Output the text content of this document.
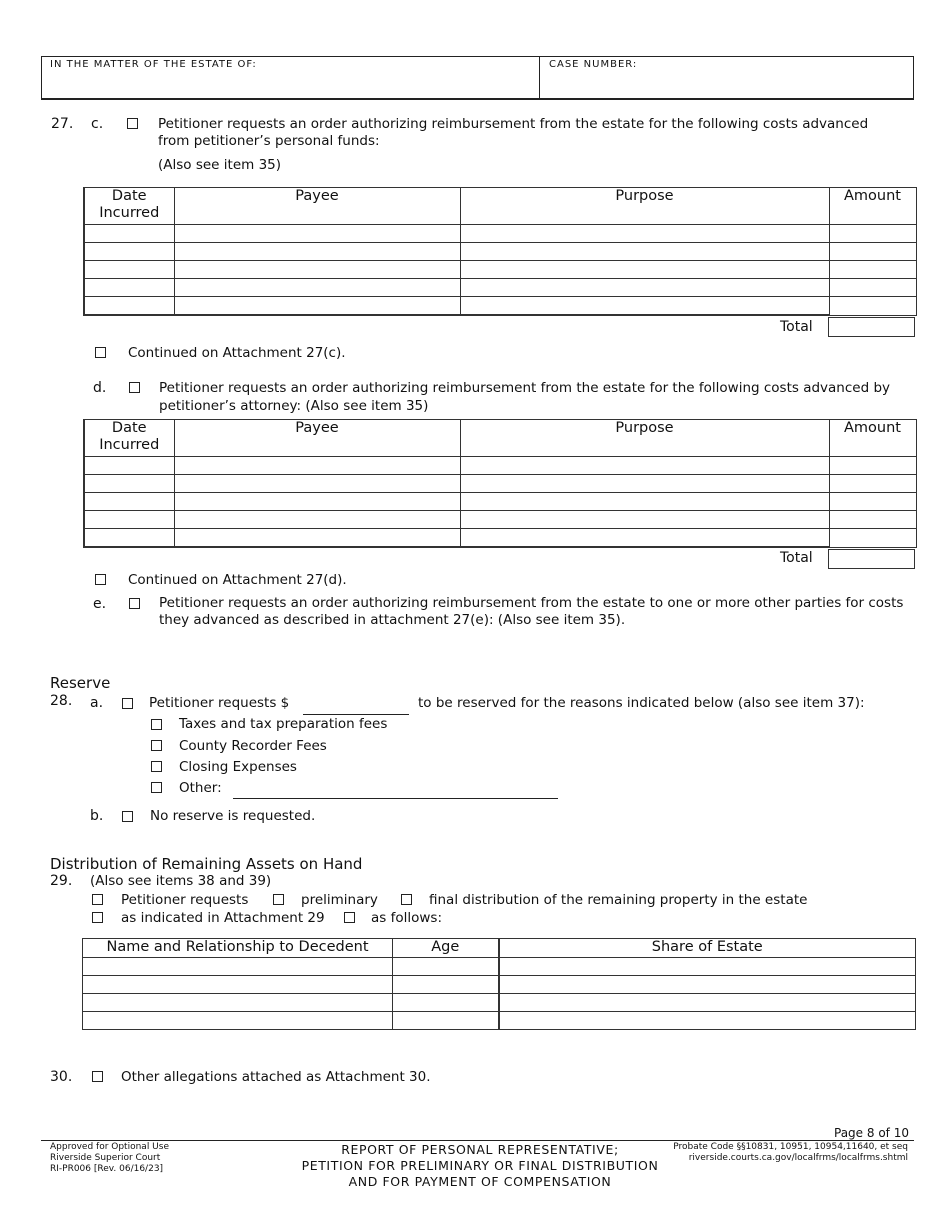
IN THE MATTER OF THE ESTATE OF:	CASE NUMBER:
27. c.	Petitioner requests an order authorizing reimbursement from the estate for the following costs advanced
from petitioner’s personal funds:
(Also see item 35)
Date Incurred	Payee	Purpose	Amount

Total
Continued on Attachment 27(c).
d.	Petitioner requests an order authorizing reimbursement from the estate for the following costs advanced by
petitioner’s attorney: (Also see item 35)
Date Incurred	Payee	Purpose	Amount

Total
Continued on Attachment 27(d).
e.	Petitioner requests an order authorizing reimbursement from the estate to one or more other parties for costs
they advanced as described in attachment 27(e): (Also see item 35).
Reserve
28. a.	Petitioner requests $	to be reserved for the reasons indicated below (also see item 37):
Taxes and tax preparation fees
County Recorder Fees
Closing Expenses
Other:
b.	No reserve is requested.
Distribution of Remaining Assets on Hand
29. (Also see items 38 and 39)
Petitioner requests	preliminary	final distribution of the remaining property in the estate
as indicated in Attachment 29	as follows:
Name and Relationship to Decedent	Age	Share of Estate

30.	Other allegations attached as Attachment 30.
Page 8 of 10
Approved for Optional Use
Riverside Superior Court
RI-PR006 [Rev. 06/16/23]
REPORT OF PERSONAL REPRESENTATIVE;
PETITION FOR PRELIMINARY OR FINAL DISTRIBUTION
AND FOR PAYMENT OF COMPENSATION
Probate Code §§10831, 10951, 10954,11640, et seq
riverside.courts.ca.gov/localfrms/localfrms.shtml
